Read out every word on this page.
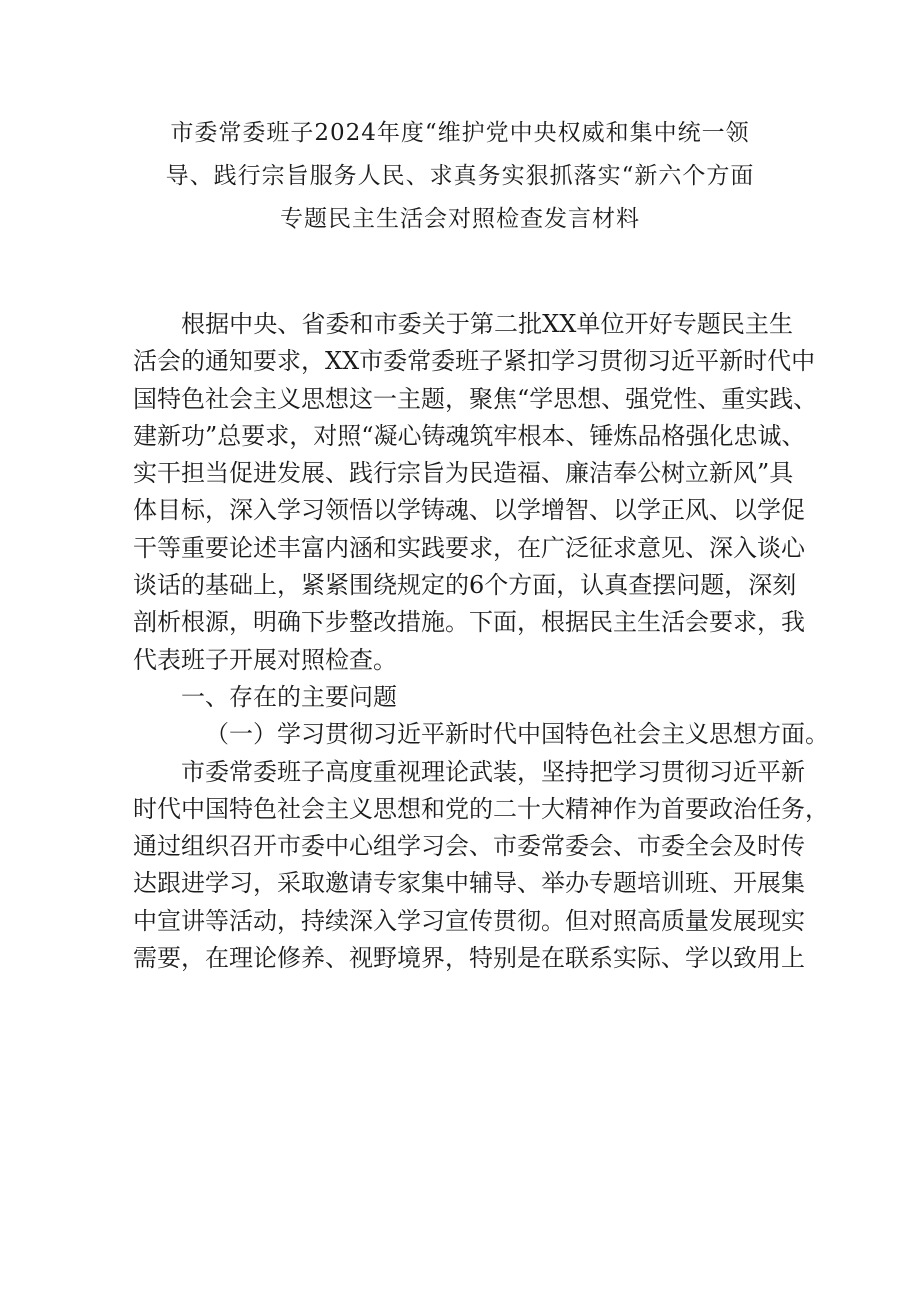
市委常委班子2024年度“维护党中央权威和集中统一领
导、践行宗旨服务人民、求真务实狠抓落实“新六个方面
专题民主生活会对照检查发言材料
根据中央、省委和市委关于第二批XX单位开好专题民主生
活会的通知要求，XX市委常委班子紧扣学习贯彻习近平新时代中
国特色社会主义思想这一主题，聚焦“学思想、强党性、重实践、
建新功”总要求，对照“凝心铸魂筑牢根本、锤炼品格强化忠诚、
实干担当促进发展、践行宗旨为民造福、廉洁奉公树立新风”具
体目标，深入学习领悟以学铸魂、以学增智、以学正风、以学促
干等重要论述丰富内涵和实践要求，在广泛征求意见、深入谈心
谈话的基础上，紧紧围绕规定的6个方面，认真查摆问题，深刻
剖析根源，明确下步整改措施。下面，根据民主生活会要求，我
代表班子开展对照检查。
一、存在的主要问题
（一）学习贯彻习近平新时代中国特色社会主义思想方面。
市委常委班子高度重视理论武装，坚持把学习贯彻习近平新
时代中国特色社会主义思想和党的二十大精神作为首要政治任务，
通过组织召开市委中心组学习会、市委常委会、市委全会及时传
达跟进学习，采取邀请专家集中辅导、举办专题培训班、开展集
中宣讲等活动，持续深入学习宣传贯彻。但对照高质量发展现实
需要，在理论修养、视野境界，特别是在联系实际、学以致用上
